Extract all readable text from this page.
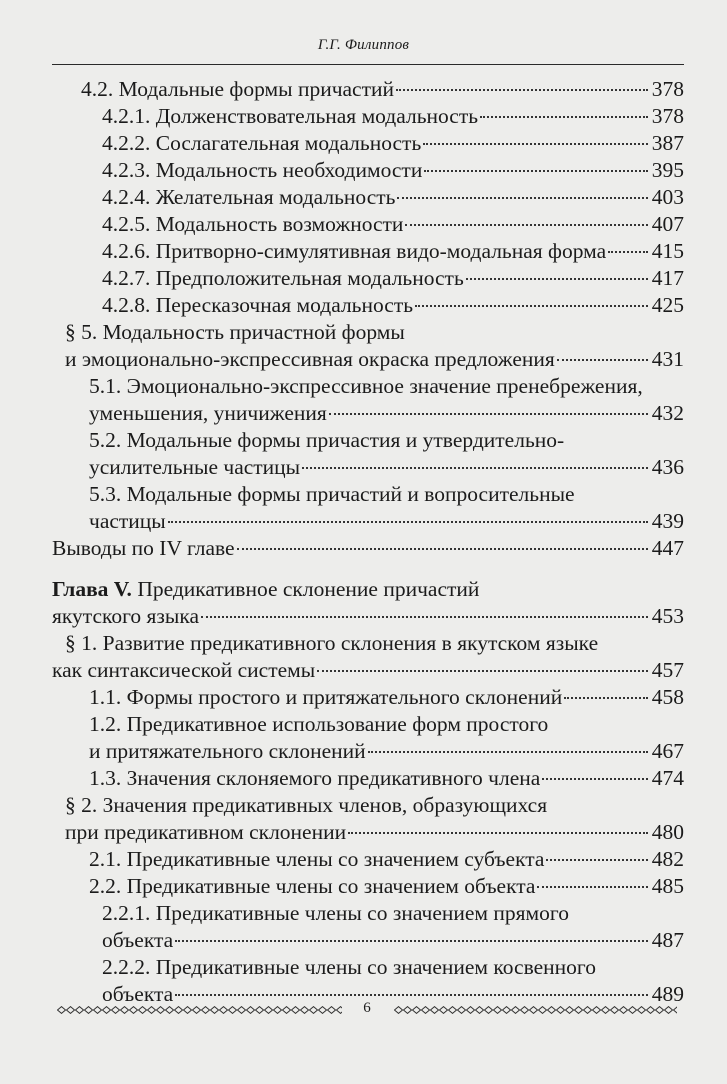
Г.Г. Филиппов
4.2. Модальные формы причастий	378
4.2.1. Долженствовательная модальность	378
4.2.2. Сослагательная модальность	387
4.2.3. Модальность необходимости	395
4.2.4. Желательная модальность	403
4.2.5. Модальность возможности	407
4.2.6. Притворно-симулятивная видо-модальная форма 415
4.2.7. Предположительная модальность	417
4.2.8. Пересказочная модальность	425
§ 5. Модальность причастной формы
и эмоционально-экспрессивная окраска предложения	431
5.1. Эмоционально-экспрессивное значение пренебрежения,
уменьшения, уничижения	432
5.2. Модальные формы причастия и утвердительно-
усилительные частицы	436
5.3. Модальные формы причастий и вопросительные
частицы	439
Выводы по IV главе	447
Глава V. Предикативное склонение причастий
якутского языка	453
§ 1. Развитие предикативного склонения в якутском языке
как синтаксической системы	457
1.1. Формы простого и притяжательного склонений	458
1.2. Предикативное использование форм простого
и притяжательного склонений	467
1.3. Значения склоняемого предикативного члена	474
§ 2. Значения предикативных членов, образующихся
при предикативном склонении	480
2.1. Предикативные члены со значением субъекта	482
2.2. Предикативные члены со значением объекта	485
2.2.1. Предикативные члены со значением прямого
объекта	487
2.2.2. Предикативные члены со значением косвенного
объекта	489
6
